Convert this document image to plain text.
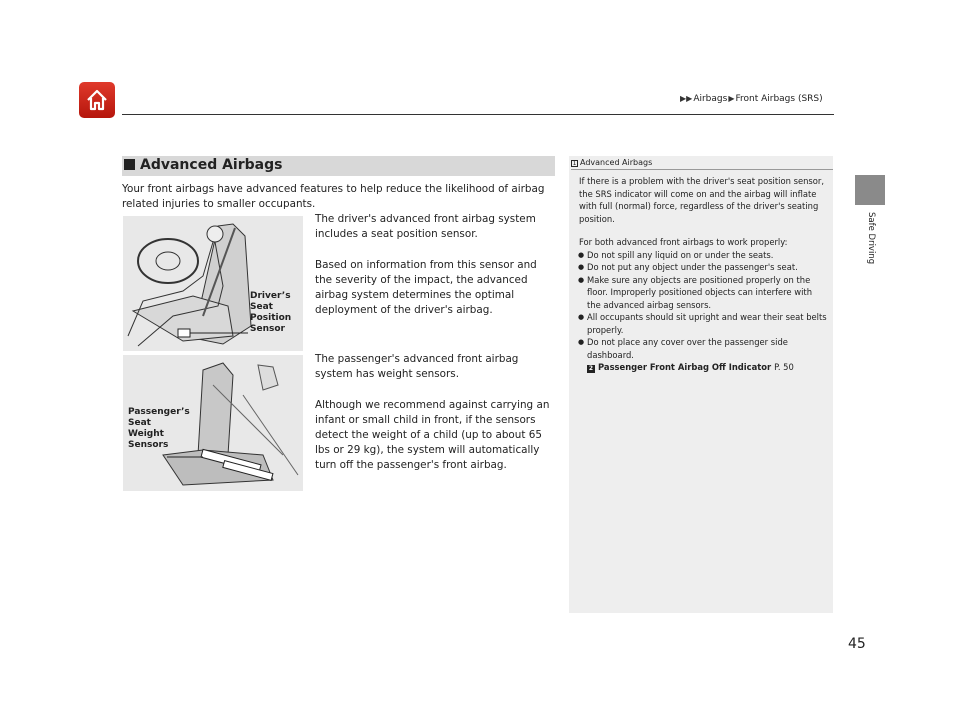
▶▶Airbags▶Front Airbags (SRS)
Safe Driving
Advanced Airbags
Your front airbags have advanced features to help reduce the likelihood of airbag related injuries to smaller occupants.
Driver’s
Seat
Position
Sensor
Passenger’s
Seat
Weight
Sensors
The driver's advanced front airbag system includes a seat position sensor.
Based on information from this sensor and the severity of the impact, the advanced airbag system determines the optimal deployment of the driver's airbag.
The passenger's advanced front airbag system has weight sensors.
Although we recommend against carrying an infant or small child in front, if the sensors detect the weight of a child (up to about 65 lbs or 29 kg), the system will automatically turn off the passenger's front airbag.
1 Advanced Airbags

If there is a problem with the driver's seat position sensor, the SRS indicator will come on and the airbag will inflate with full (normal) force, regardless of the driver's seating position.

For both advanced front airbags to work properly:
● Do not spill any liquid on or under the seats.
● Do not put any object under the passenger's seat.
● Make sure any objects are positioned properly on the floor. Improperly positioned objects can interfere with the advanced airbag sensors.
● All occupants should sit upright and wear their seat belts properly.
● Do not place any cover over the passenger side dashboard.
2 Passenger Front Airbag Off Indicator P. 50
45
